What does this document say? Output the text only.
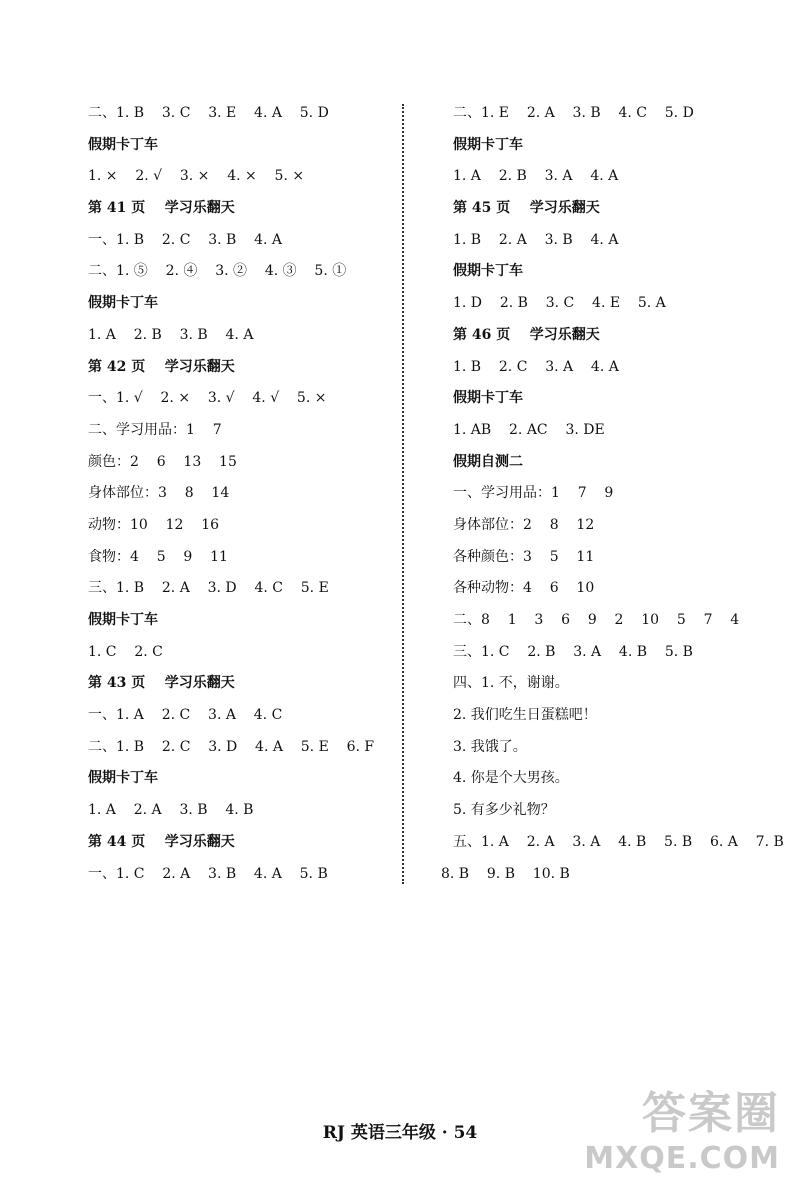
二、1. B    3. C    3. E    4. A    5. D
假期卡丁车
1. ×    2. √    3. ×    4. ×    5. ×
第 41 页    学习乐翻天
一、1. B    2. C    3. B    4. A
二、1. ⑤    2. ④    3. ②    4. ③    5. ①
假期卡丁车
1. A    2. B    3. B    4. A
第 42 页    学习乐翻天
一、1. √    2. ×    3. √    4. √    5. ×
二、学习用品：1    7
颜色：2    6    13    15
身体部位：3    8    14
动物：10    12    16
食物：4    5    9    11
三、1. B    2. A    3. D    4. C    5. E
假期卡丁车
1. C    2. C
第 43 页    学习乐翻天
一、1. A    2. C    3. A    4. C
二、1. B    2. C    3. D    4. A    5. E    6. F
假期卡丁车
1. A    2. A    3. B    4. B
第 44 页    学习乐翻天
一、1. C    2. A    3. B    4. A    5. B
二、1. E    2. A    3. B    4. C    5. D
假期卡丁车
1. A    2. B    3. A    4. A
第 45 页    学习乐翻天
1. B    2. A    3. B    4. A
假期卡丁车
1. D    2. B    3. C    4. E    5. A
第 46 页    学习乐翻天
1. B    2. C    3. A    4. A
假期卡丁车
1. AB    2. AC    3. DE
假期自测二
一、学习用品：1    7    9
身体部位：2    8    12
各种颜色：3    5    11
各种动物：4    6    10
二、8    1    3    6    9    2    10    5    7    4
三、1. C    2. B    3. A    4. B    5. B
四、1. 不，谢谢。
2. 我们吃生日蛋糕吧！
3. 我饿了。
4. 你是个大男孩。
5. 有多少礼物？
五、1. A    2. A    3. A    4. B    5. B    6. A    7. B
8. B    9. B    10. B
RJ 英语三年级 · 54	答案圈
MXQE.COM
